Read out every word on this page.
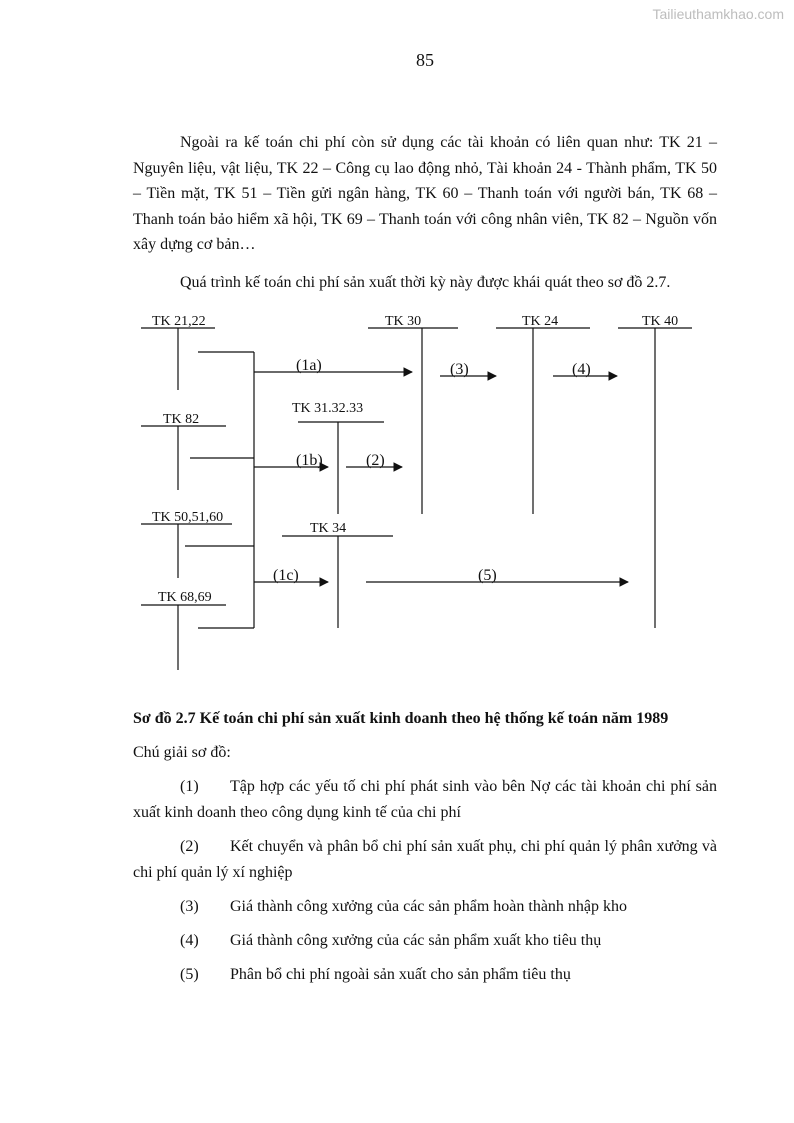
Tailieuthamkhao.com
85

Ngoài ra kế toán chi phí còn sử dụng các tài khoản có liên quan như: TK 21 – Nguyên liệu, vật liệu, TK 22 – Công cụ lao động nhỏ, Tài khoản 24 - Thành phẩm, TK 50 – Tiền mặt, TK 51 – Tiền gửi ngân hàng, TK 60 – Thanh toán với người bán, TK 68 – Thanh toán bảo hiểm xã hội, TK 69 – Thanh toán với công nhân viên, TK 82 – Nguồn vốn xây dựng cơ bản…

Quá trình kế toán chi phí sản xuất thời kỳ này được khái quát theo sơ đồ 2.7.

TK 21,22
TK 82
TK 50,51,60
TK 68,69
TK 30
TK 31.32.33
TK 34
TK 24	TK 40
(1a)	(3)	(4)
(1b)	(2)
(1c)	(5)

Sơ đồ 2.7 Kế toán chi phí sản xuất kinh doanh theo hệ thống kế toán năm 1989

Chú giải sơ đồ:

(1) Tập hợp các yếu tố chi phí phát sinh vào bên Nợ các tài khoản chi phí sản xuất kinh doanh theo công dụng kinh tế của chi phí

(2) Kết chuyển và phân bổ chi phí sản xuất phụ, chi phí quản lý phân xưởng và chi phí quản lý xí nghiệp

(3) Giá thành công xưởng của các sản phẩm hoàn thành nhập kho

(4) Giá thành công xưởng của các sản phẩm xuất kho tiêu thụ

(5) Phân bổ chi phí ngoài sản xuất cho sản phẩm tiêu thụ
